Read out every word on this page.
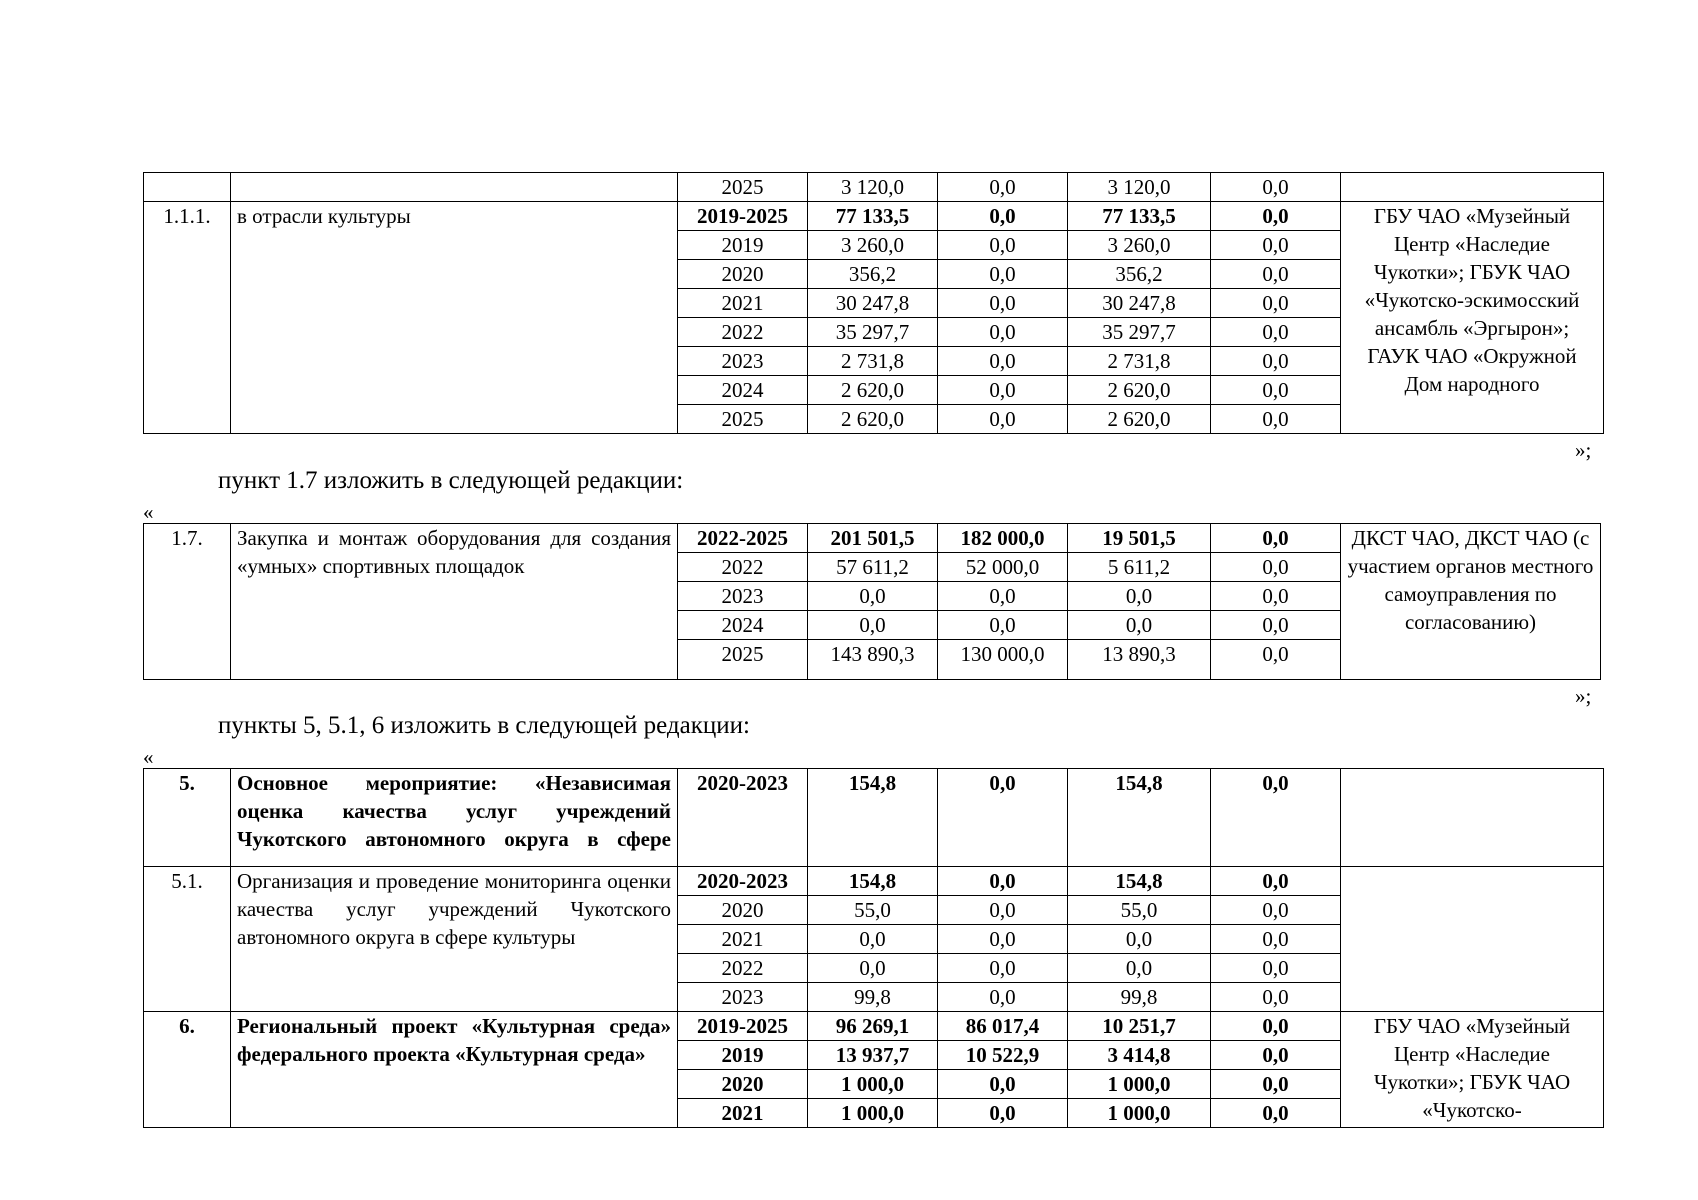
		2025	3 120,0	0,0	3 120,0	0,0	
1.1.1.	в отрасли культуры	2019-2025	77 133,5	0,0	77 133,5	0,0	ГБУ ЧАО «Музейный Центр «Наследие Чукотки»; ГБУК ЧАО «Чукотско-эскимосский ансамбль «Эргырон»; ГАУК ЧАО «Окружной Дом народного

		2019	3 260,0	0,0	3 260,0	0,0	
		2020	356,2	0,0	356,2	0,0	
		2021	30 247,8	0,0	30 247,8	0,0	
		2022	35 297,7	0,0	35 297,7	0,0	
		2023	2 731,8	0,0	2 731,8	0,0	
		2024	2 620,0	0,0	2 620,0	0,0	
		2025	2 620,0	0,0	2 620,0	0,0	
»;
пункт 1.7 изложить в следующей редакции:
«
1.7.	Закупка и монтаж оборудования для создания «умных» спортивных площадок	2022-2025	201 501,5	182 000,0	19 501,5	0,0	ДКСТ ЧАО, ДКСТ ЧАО (с участием органов местного самоуправления по согласованию)
		2022	57 611,2	52 000,0	5 611,2	0,0	
		2023	0,0	0,0	0,0	0,0	
		2024	0,0	0,0	0,0	0,0	
		2025	143 890,3	130 000,0	13 890,3	0,0	
»;
пункты 5, 5.1, 6 изложить в следующей редакции:
«
5.	Основное мероприятие: «Независимая оценка качества услуг учреждений Чукотского автономного округа в сфере	2020-2023	154,8	0,0	154,8	0,0	
5.1.	Организация и проведение мониторинга оценки качества услуг учреждений Чукотского автономного округа в сфере культуры	2020-2023	154,8	0,0	154,8	0,0	
		2020	55,0	0,0	55,0	0,0	
		2021	0,0	0,0	0,0	0,0	
		2022	0,0	0,0	0,0	0,0	
		2023	99,8	0,0	99,8	0,0	
6.	Региональный проект «Культурная среда» федерального проекта «Культурная среда»	2019-2025	96 269,1	86 017,4	10 251,7	0,0	ГБУ ЧАО «Музейный Центр «Наследие Чукотки»; ГБУК ЧАО «Чукотско-

		2019	13 937,7	10 522,9	3 414,8	0,0	
		2020	1 000,0	0,0	1 000,0	0,0	
		2021	1 000,0	0,0	1 000,0	0,0	
